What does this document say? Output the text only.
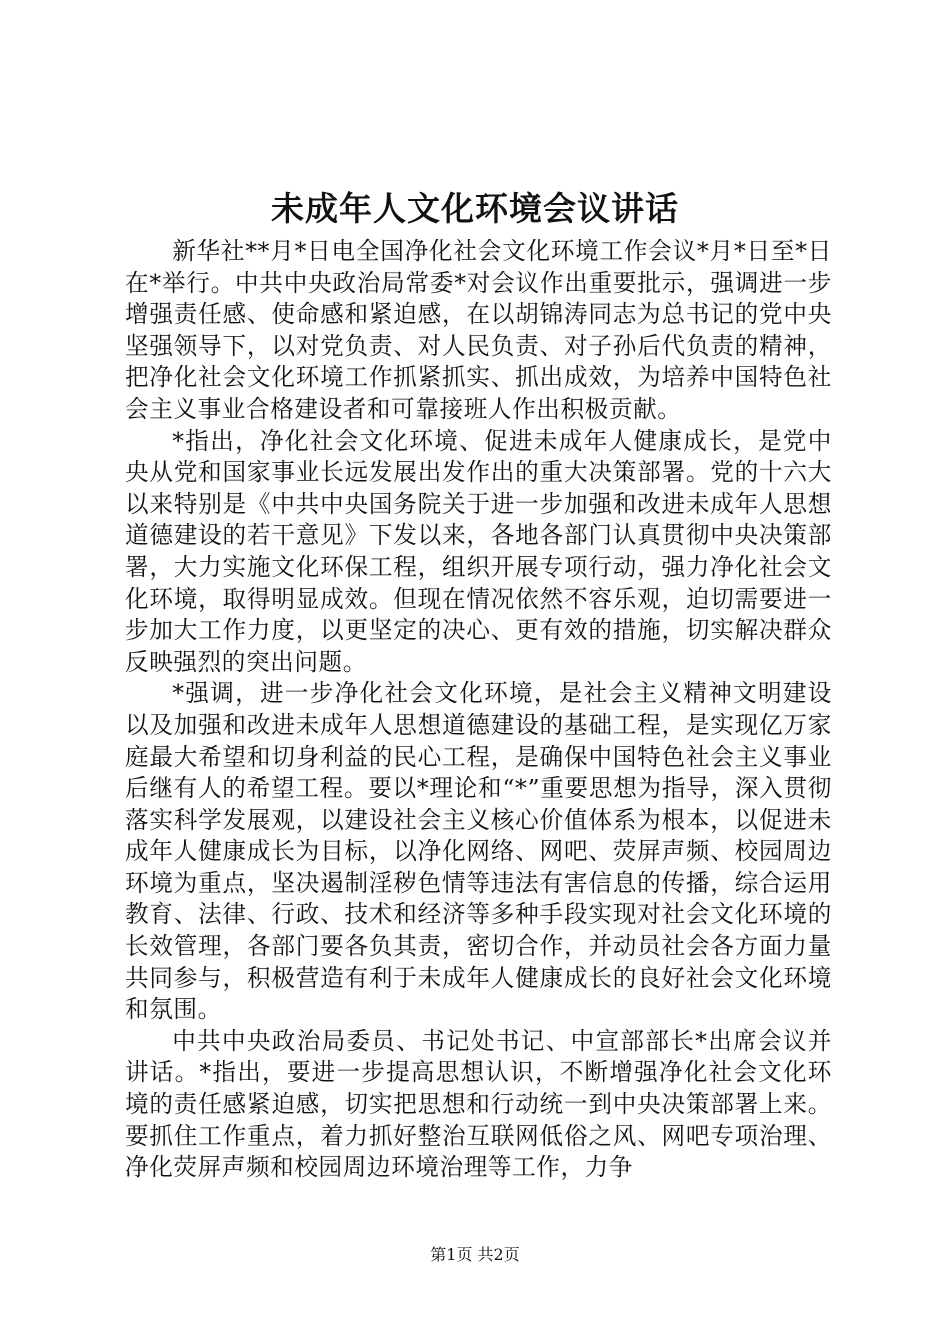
未成年人文化环境会议讲话

新华社**月*日电全国净化社会文化环境工作会议*月*日至*日在*举行。中共中央政治局常委*对会议作出重要批示，强调进一步增强责任感、使命感和紧迫感，在以胡锦涛同志为总书记的党中央坚强领导下，以对党负责、对人民负责、对子孙后代负责的精神，把净化社会文化环境工作抓紧抓实、抓出成效，为培养中国特色社会主义事业合格建设者和可靠接班人作出积极贡献。

*指出，净化社会文化环境、促进未成年人健康成长，是党中央从党和国家事业长远发展出发作出的重大决策部署。党的十六大以来特别是《中共中央国务院关于进一步加强和改进未成年人思想道德建设的若干意见》下发以来，各地各部门认真贯彻中央决策部署，大力实施文化环保工程，组织开展专项行动，强力净化社会文化环境，取得明显成效。但现在情况依然不容乐观，迫切需要进一步加大工作力度，以更坚定的决心、更有效的措施，切实解决群众反映强烈的突出问题。

*强调，进一步净化社会文化环境，是社会主义精神文明建设以及加强和改进未成年人思想道德建设的基础工程，是实现亿万家庭最大希望和切身利益的民心工程，是确保中国特色社会主义事业后继有人的希望工程。要以*理论和“*”重要思想为指导，深入贯彻落实科学发展观，以建设社会主义核心价值体系为根本，以促进未成年人健康成长为目标，以净化网络、网吧、荧屏声频、校园周边环境为重点，坚决遏制淫秽色情等违法有害信息的传播，综合运用教育、法律、行政、技术和经济等多种手段实现对社会文化环境的长效管理，各部门要各负其责，密切合作，并动员社会各方面力量共同参与，积极营造有利于未成年人健康成长的良好社会文化环境和氛围。

中共中央政治局委员、书记处书记、中宣部部长*出席会议并讲话。*指出，要进一步提高思想认识，不断增强净化社会文化环境的责任感紧迫感，切实把思想和行动统一到中央决策部署上来。要抓住工作重点，着力抓好整治互联网低俗之风、网吧专项治理、净化荧屏声频和校园周边环境治理等工作，力争

第1页 共2页
